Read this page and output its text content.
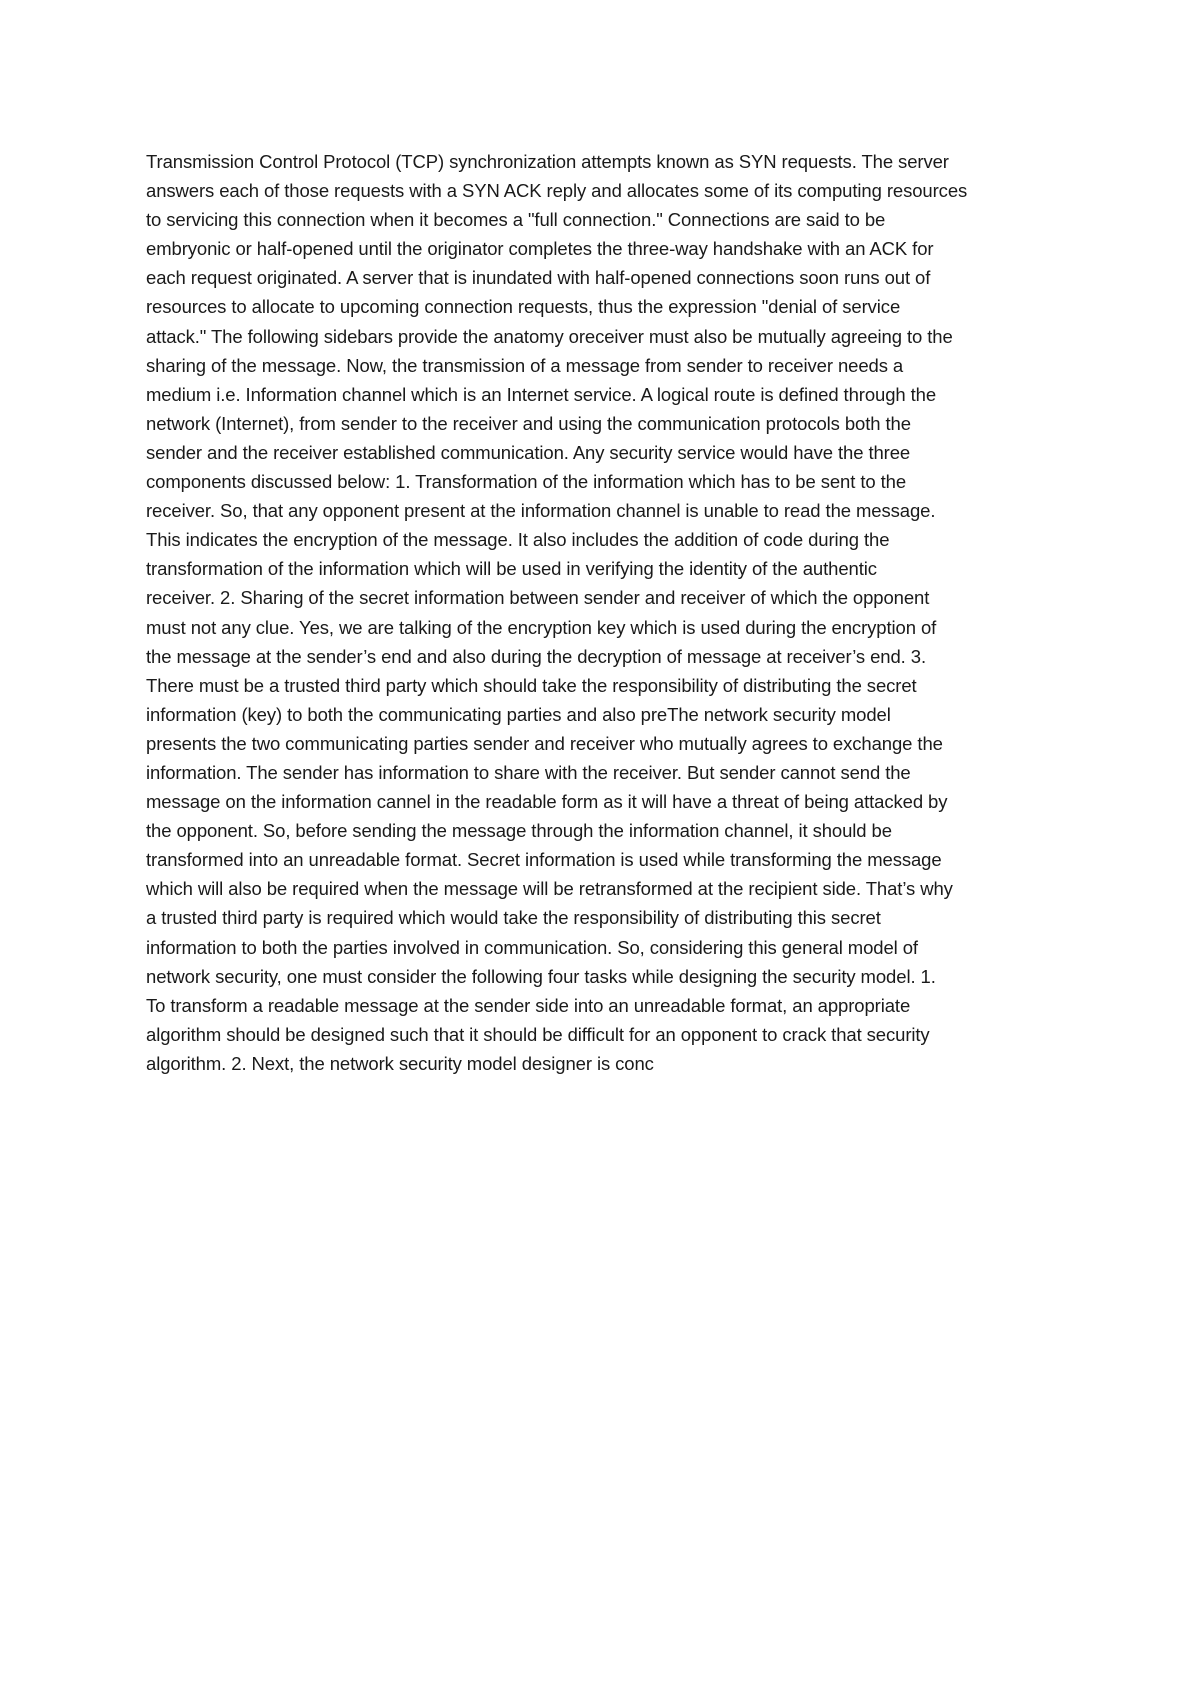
Transmission Control Protocol (TCP) synchronization attempts known as SYN requests. The server
answers each of those requests with a SYN ACK reply and allocates some of its computing resources
to servicing this connection when it becomes a "full connection." Connections are said to be
embryonic or half-opened until the originator completes the three-way handshake with an ACK for
each request originated. A server that is inundated with half-opened connections soon runs out of
resources to allocate to upcoming connection requests, thus the expression "denial of service
attack." The following sidebars provide the anatomy oreceiver must also be mutually agreeing to the
sharing of the message. Now, the transmission of a message from sender to receiver needs a
medium i.e. Information channel which is an Internet service. A logical route is defined through the
network (Internet), from sender to the receiver and using the communication protocols both the
sender and the receiver established communication. Any security service would have the three
components discussed below: 1. Transformation of the information which has to be sent to the
receiver. So, that any opponent present at the information channel is unable to read the message.
This indicates the encryption of the message. It also includes the addition of code during the
transformation of the information which will be used in verifying the identity of the authentic
receiver. 2. Sharing of the secret information between sender and receiver of which the opponent
must not any clue. Yes, we are talking of the encryption key which is used during the encryption of
the message at the sender’s end and also during the decryption of message at receiver’s end. 3.
There must be a trusted third party which should take the responsibility of distributing the secret
information (key) to both the communicating parties and also preThe network security model
presents the two communicating parties sender and receiver who mutually agrees to exchange the
information. The sender has information to share with the receiver. But sender cannot send the
message on the information cannel in the readable form as it will have a threat of being attacked by
the opponent. So, before sending the message through the information channel, it should be
transformed into an unreadable format. Secret information is used while transforming the message
which will also be required when the message will be retransformed at the recipient side. That’s why
a trusted third party is required which would take the responsibility of distributing this secret
information to both the parties involved in communication. So, considering this general model of
network security, one must consider the following four tasks while designing the security model. 1.
To transform a readable message at the sender side into an unreadable format, an appropriate
algorithm should be designed such that it should be difficult for an opponent to crack that security
algorithm. 2. Next, the network security model designer is conc
